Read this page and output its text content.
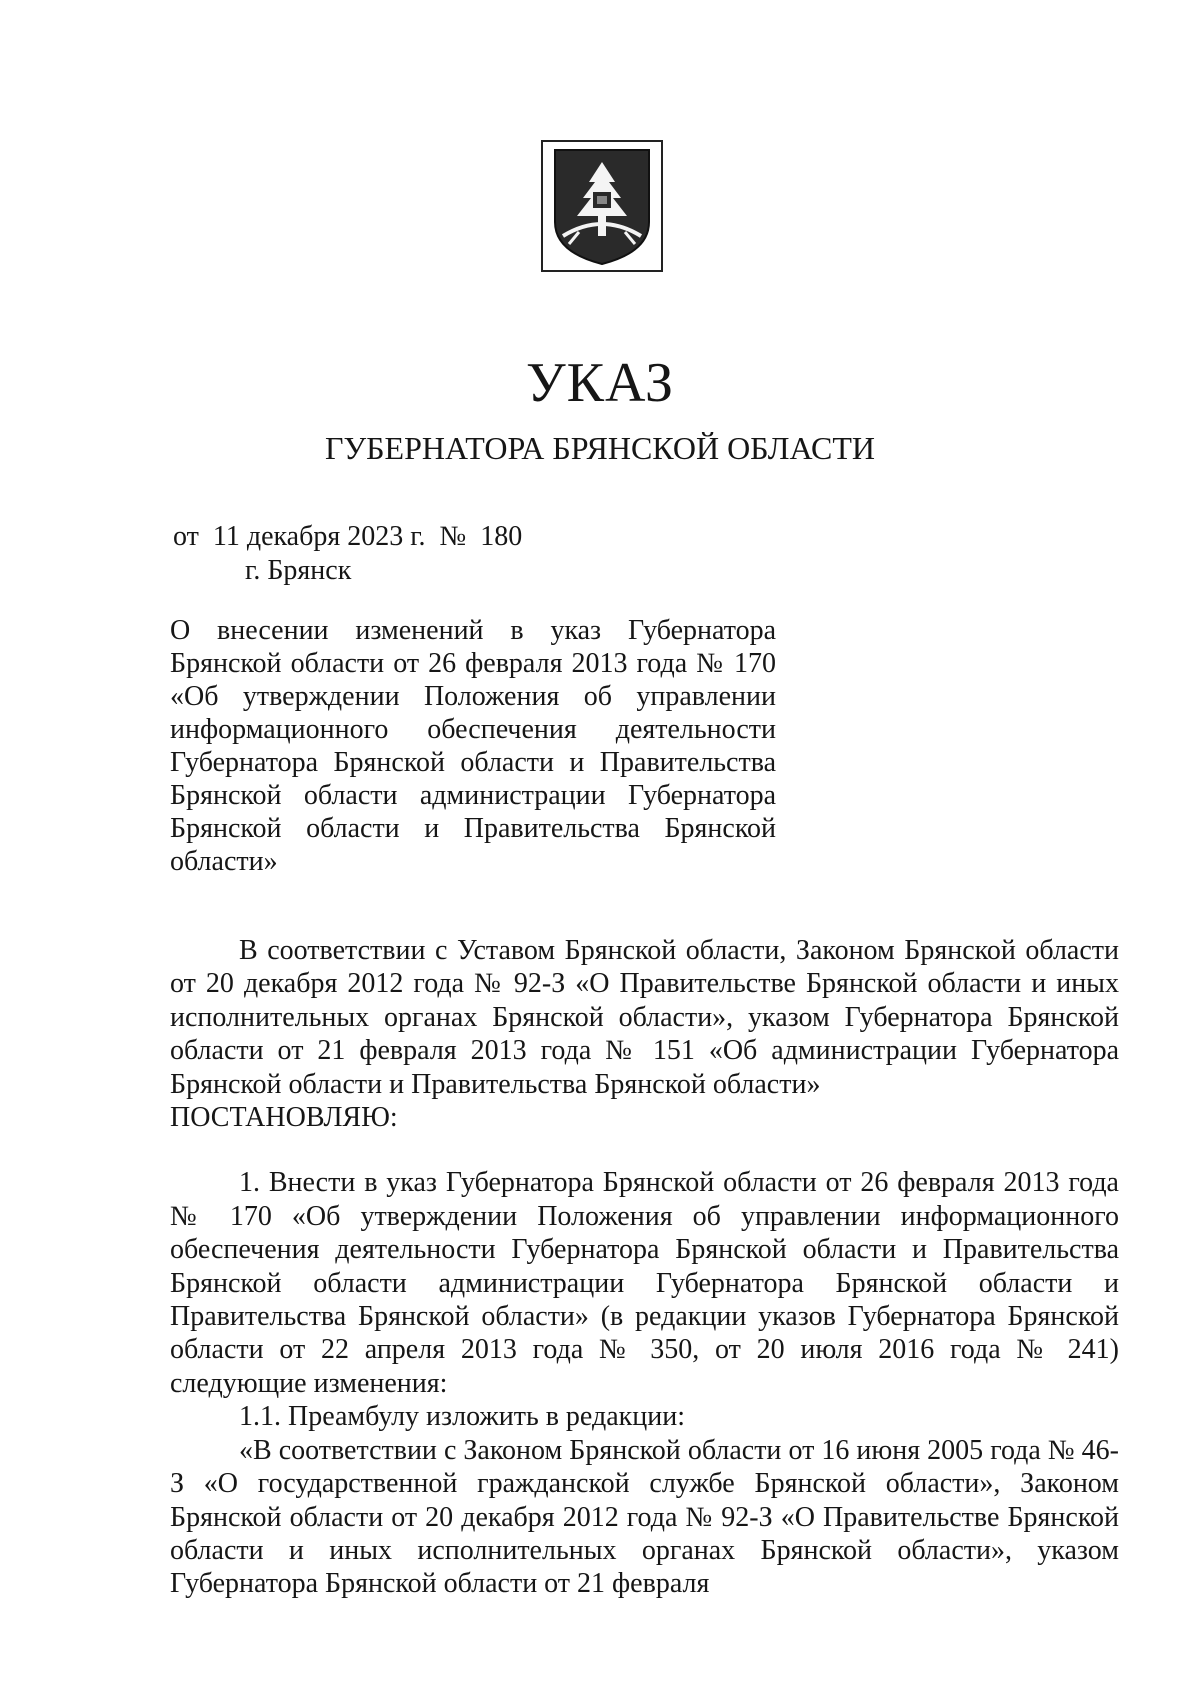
УКАЗ
ГУБЕРНАТОРА БРЯНСКОЙ ОБЛАСТИ
от  11 декабря 2023 г.  №  180
г. Брянск
О внесении изменений в указ Губернатора Брянской области от 26 февраля 2013 года № 170 «Об утверждении Положения об управлении информационного обеспечения деятельности Губернатора Брянской области и Правительства Брянской области администрации Губернатора Брянской области и Правительства Брянской области»

В соответствии с Уставом Брянской области, Законом Брянской области от 20 декабря 2012 года № 92-З «О Правительстве Брянской области и иных исполнительных органах Брянской области», указом Губернатора Брянской области от 21 февраля 2013 года № 151 «Об администрации Губернатора Брянской области и Правительства Брянской области»

ПОСТАНОВЛЯЮ:

1. Внести в указ Губернатора Брянской области от 26 февраля 2013 года № 170 «Об утверждении Положения об управлении информационного обеспечения деятельности Губернатора Брянской области и Правительства Брянской области администрации Губернатора Брянской области и Правительства Брянской области» (в редакции указов Губернатора Брянской области от 22 апреля 2013 года № 350, от 20 июля 2016 года № 241) следующие изменения:

1.1. Преамбулу изложить в редакции:

«В соответствии с Законом Брянской области от 16 июня 2005 года № 46-З «О государственной гражданской службе Брянской области», Законом Брянской области от 20 декабря 2012 года № 92-З «О Правительстве Брянской области и иных исполнительных органах Брянской области», указом Губернатора Брянской области от 21 февраля
